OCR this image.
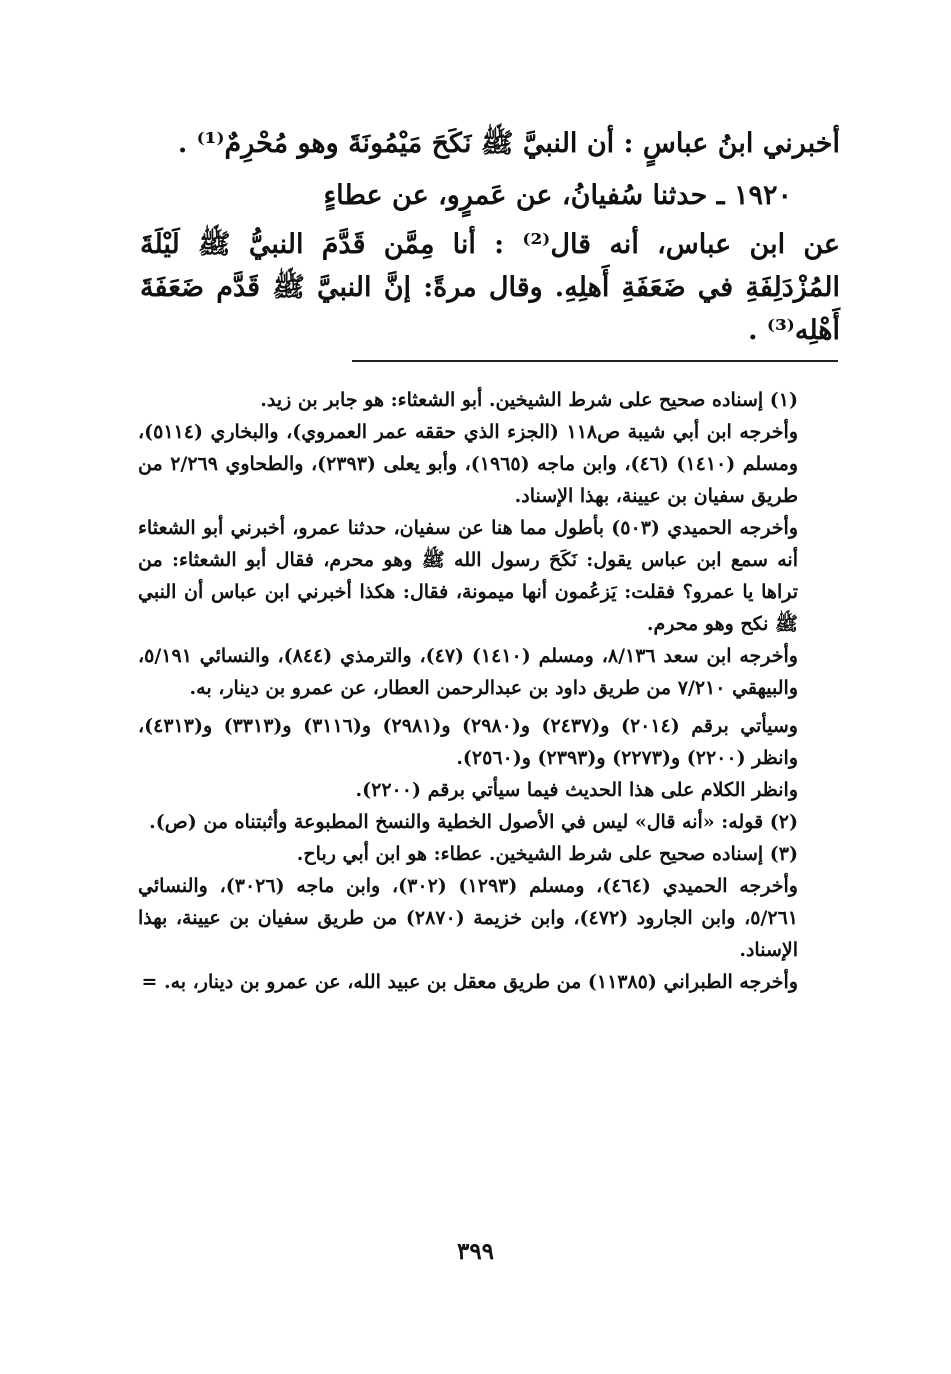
أخبرني ابنُ عباسٍ : أن النبيَّ ﷺ نَكَحَ مَيْمُونَةَ وهو مُحْرِمٌ⁽¹⁾ .

١٩٢٠ ـ حدثنا سُفيانُ، عن عَمرٍو، عن عطاءٍ

عن ابن عباس، أنه قال⁽²⁾ : أنا مِمَّن قَدَّمَ النبيُّ ﷺ لَيْلَةَ المُزْدَلِفَةِ في ضَعَفَةِ أَهلِهِ. وقال مرةً: إنَّ النبيَّ ﷺ قَدَّم ضَعَفَةَ أَهْلِه⁽³⁾ .

(١) إسناده صحيح على شرط الشيخين. أبو الشعثاء: هو جابر بن زيد.

وأخرجه ابن أبي شيبة ص١١٨ (الجزء الذي حققه عمر العمروي)، والبخاري (٥١١٤)، ومسلم (١٤١٠) (٤٦)، وابن ماجه (١٩٦٥)، وأبو يعلى (٢٣٩٣)، والطحاوي ٢/٢٦٩ من طريق سفيان بن عيينة، بهذا الإسناد.

وأخرجه الحميدي (٥٠٣) بأطول مما هنا عن سفيان، حدثنا عمرو، أخبرني أبو الشعثاء أنه سمع ابن عباس يقول: نَكَحَ رسول الله ﷺ وهو محرم، فقال أبو الشعثاء: من تراها يا عمرو؟ فقلت: يَزعُمون أنها ميمونة، فقال: هكذا أخبرني ابن عباس أن النبي ﷺ نكح وهو محرم.

وأخرجه ابن سعد ٨/١٣٦، ومسلم (١٤١٠) (٤٧)، والترمذي (٨٤٤)، والنسائي ٥/١٩١، والبيهقي ٧/٢١٠ من طريق داود بن عبدالرحمن العطار، عن عمرو بن دينار، به.

وسيأتي برقم (٢٠١٤) و(٢٤٣٧) و(٢٩٨٠) و(٢٩٨١) و(٣١١٦) و(٣٣١٣) و(٤٣١٣)، وانظر (٢٢٠٠) و(٢٢٧٣) و(٢٣٩٣) و(٢٥٦٠).

وانظر الكلام على هذا الحديث فيما سيأتي برقم (٢٢٠٠).

(٢) قوله: «أنه قال» ليس في الأصول الخطية والنسخ المطبوعة وأثبتناه من (ص).

(٣) إسناده صحيح على شرط الشيخين. عطاء: هو ابن أبي رباح.

وأخرجه الحميدي (٤٦٤)، ومسلم (١٢٩٣) (٣٠٢)، وابن ماجه (٣٠٢٦)، والنسائي ٥/٢٦١، وابن الجارود (٤٧٢)، وابن خزيمة (٢٨٧٠) من طريق سفيان بن عيينة، بهذا الإسناد.

وأخرجه الطبراني (١١٣٨٥) من طريق معقل بن عبيد الله، عن عمرو بن دينار، به. =

٣٩٩
